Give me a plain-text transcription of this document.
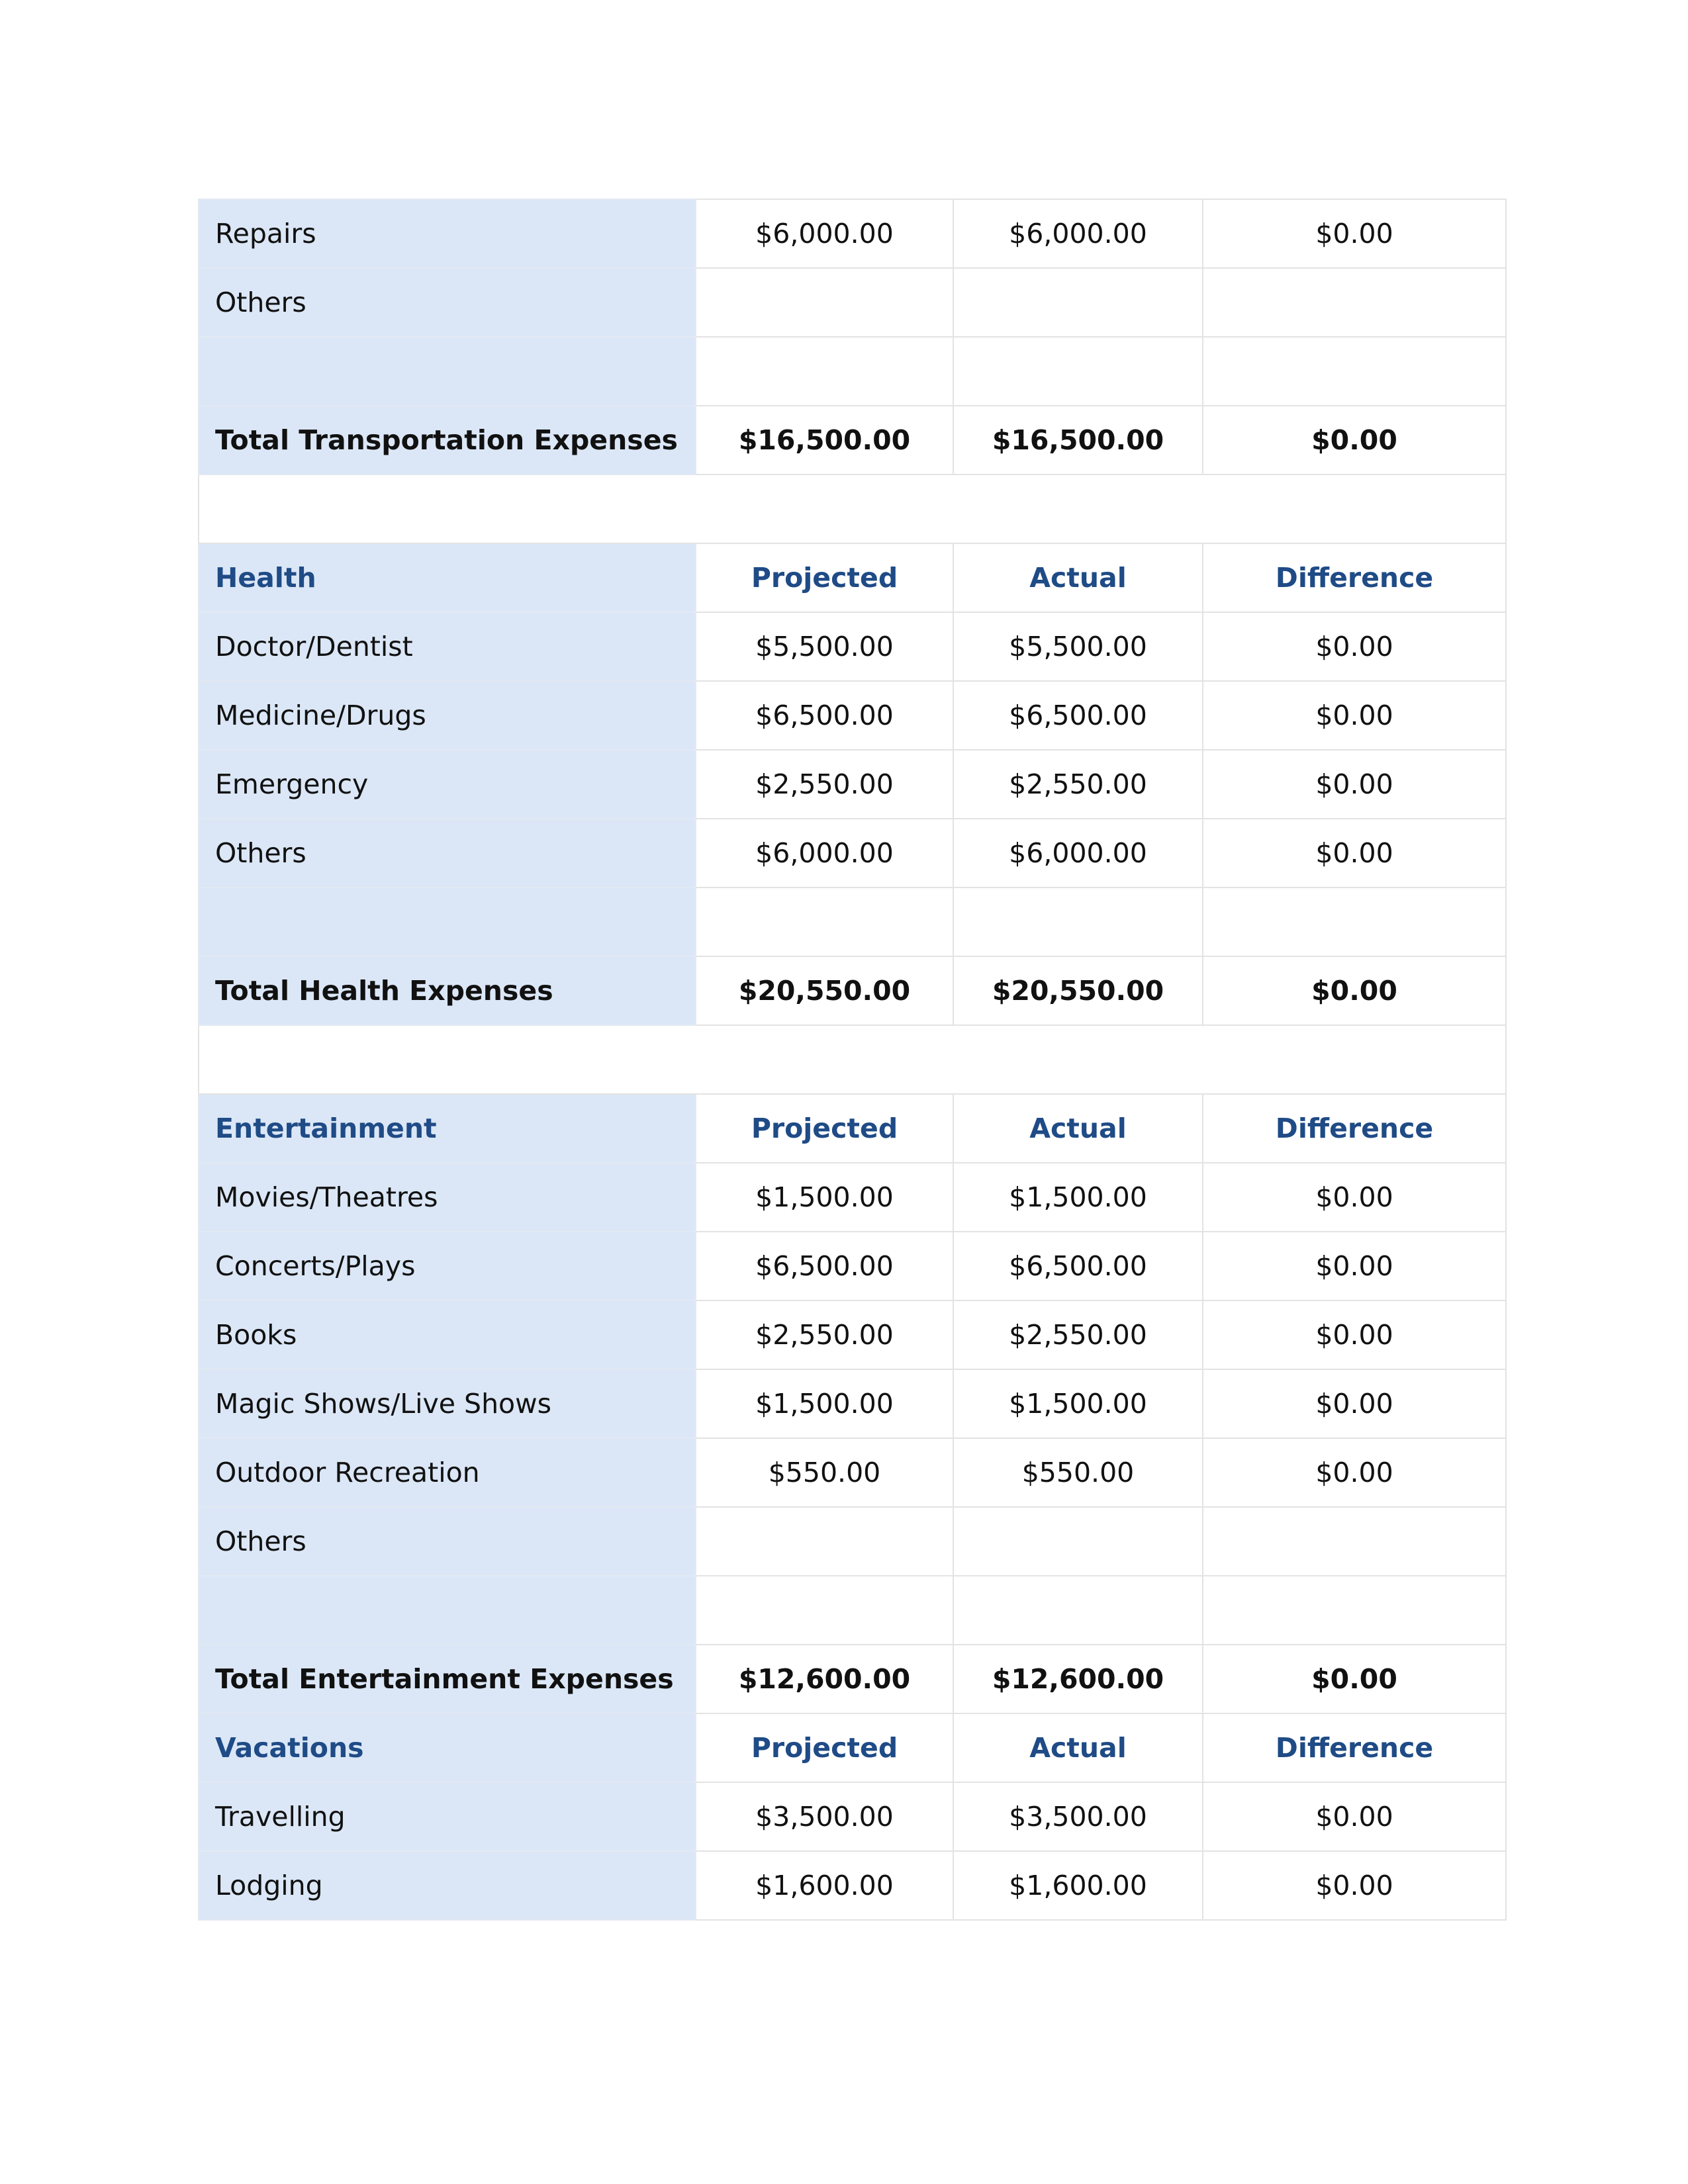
Repairs	$6,000.00	$6,000.00	$0.00
Others			

Total Transportation Expenses	$16,500.00	$16,500.00	$0.00

Health	Projected	Actual	Difference
Doctor/Dentist	$5,500.00	$5,500.00	$0.00
Medicine/Drugs	$6,500.00	$6,500.00	$0.00
Emergency	$2,550.00	$2,550.00	$0.00
Others	$6,000.00	$6,000.00	$0.00

Total Health Expenses	$20,550.00	$20,550.00	$0.00

Entertainment	Projected	Actual	Difference
Movies/Theatres	$1,500.00	$1,500.00	$0.00
Concerts/Plays	$6,500.00	$6,500.00	$0.00
Books	$2,550.00	$2,550.00	$0.00
Magic Shows/Live Shows	$1,500.00	$1,500.00	$0.00
Outdoor Recreation	$550.00	$550.00	$0.00
Others			

Total Entertainment Expenses	$12,600.00	$12,600.00	$0.00
Vacations	Projected	Actual	Difference
Travelling	$3,500.00	$3,500.00	$0.00
Lodging	$1,600.00	$1,600.00	$0.00
